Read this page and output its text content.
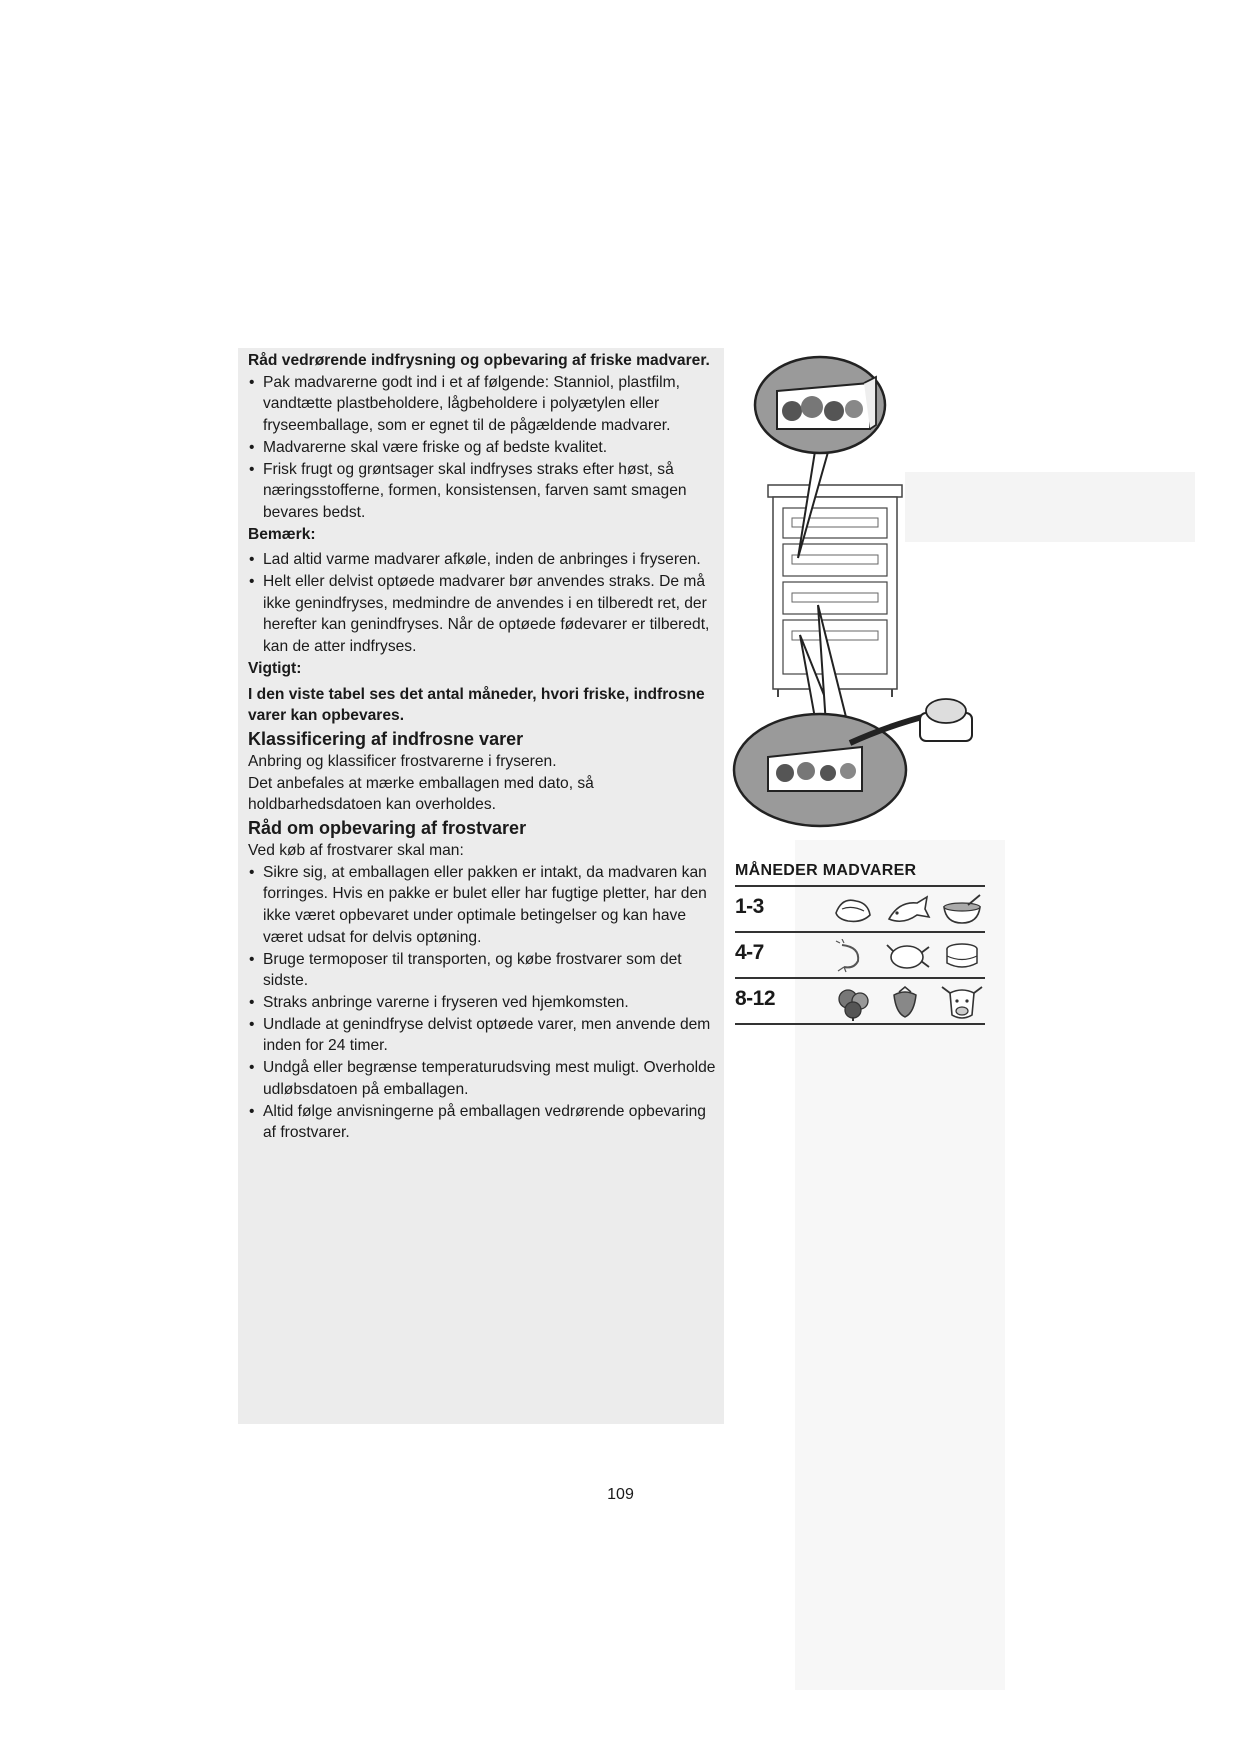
Råd vedrørende indfrysning og opbevaring af friske madvarer.

• Pak madvarerne godt ind i et af følgende: Stanniol, plastfilm, vandtætte plastbeholdere, lågbeholdere i polyætylen eller fryseemballage, som er egnet til de pågældende madvarer.
• Madvarerne skal være friske og af bedste kvalitet.
• Frisk frugt og grøntsager skal indfryses straks efter høst, så næringsstofferne, formen, konsistensen, farven samt smagen bevares bedst.

Bemærk:

• Lad altid varme madvarer afkøle, inden de anbringes i fryseren.
• Helt eller delvist optøede madvarer bør anvendes straks. De må ikke genindfryses, medmindre de anvendes i en tilberedt ret, der herefter kan genindfryses. Når de optøede fødevarer er tilberedt, kan de atter indfryses.

Vigtigt:

I den viste tabel ses det antal måneder, hvori friske, indfrosne varer kan opbevares.

Klassificering af indfrosne varer

Anbring og klassificer frostvarerne i fryseren.

Det anbefales at mærke emballagen med dato, så holdbarhedsdatoen kan overholdes.

Råd om opbevaring af frostvarer

Ved køb af frostvarer skal man:

• Sikre sig, at emballagen eller pakken er intakt, da madvaren kan forringes. Hvis en pakke er bulet eller har fugtige pletter, har den ikke været opbevaret under optimale betingelser og kan have været udsat for delvis optøning.
• Bruge termoposer til transporten, og købe frostvarer som det sidste.
• Straks anbringe varerne i fryseren ved hjemkomsten.
• Undlade at genindfryse delvist optøede varer, men anvende dem inden for 24 timer.
• Undgå eller begrænse temperaturudsving mest muligt. Overholde udløbsdatoen på emballagen.
• Altid følge anvisningerne på emballagen vedrørende opbevaring af frostvarer.
MÅNEDER MADVARER
1-3
4-7
8-12
109
